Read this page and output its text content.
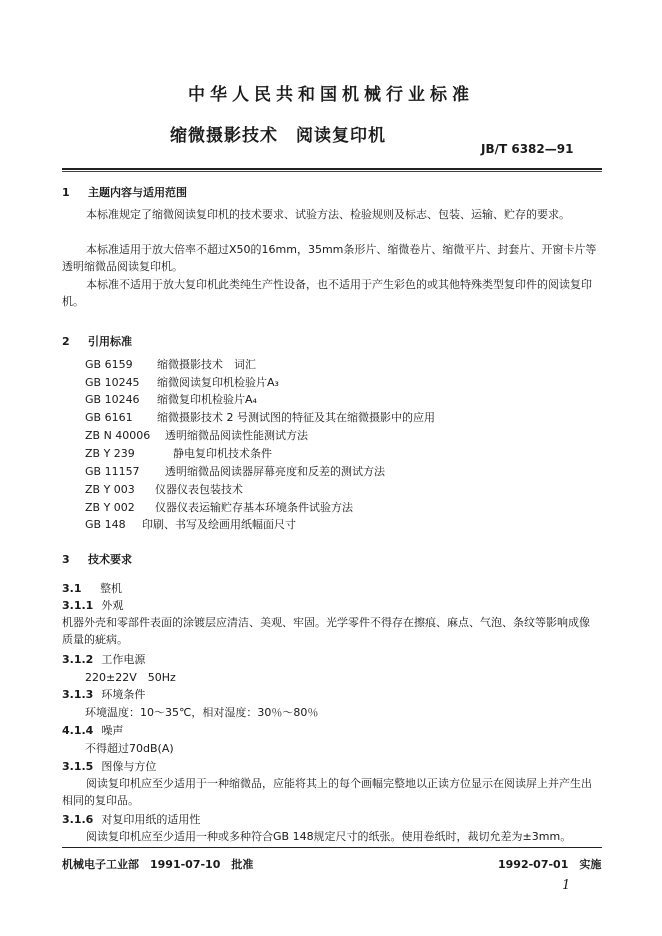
中华人民共和国机械行业标准
缩微摄影技术　阅读复印机
JB/T 6382—91
1 主题内容与适用范围
本标准规定了缩微阅读复印机的技术要求、试验方法、检验规则及标志、包装、运输、贮存的要求。
本标准适用于放大倍率不超过X50的16mm，35mm条形片、缩微卷片、缩微平片、封套片、开窗卡片等透明缩微品阅读复印机。
本标准不适用于放大复印机此类纯生产性设备，也不适用于产生彩色的或其他特殊类型复印件的阅读复印机。
2 引用标准
GB 6159 缩微摄影技术　词汇
GB 10245 缩微阅读复印机检验片A₃
GB 10246 缩微复印机检验片A₄
GB 6161 缩微摄影技术 2 号测试图的特征及其在缩微摄影中的应用
ZB N 40006 透明缩微品阅读性能测试方法
ZB Y 239	静电复印机技术条件
GB 11157 透明缩微品阅读器屏幕亮度和反差的测试方法
ZB Y 003 仪器仪表包装技术
ZB Y 002 仪器仪表运输贮存基本环境条件试验方法
GB 148 印刷、书写及绘画用纸幅面尺寸
3 技术要求
3.1 整机
3.1.1 外观
机器外壳和零部件表面的涂镀层应清洁、美观、牢固。光学零件不得存在擦痕、麻点、气泡、条纹等影响成像质量的疵病。
3.1.2 工作电源
220±22V　50Hz
3.1.3 环境条件
环境温度：10～35℃，相对湿度：30％～80％
4.1.4 噪声
不得超过70dB(A)
3.1.5 图像与方位
阅读复印机应至少适用于一种缩微品，应能将其上的每个画幅完整地以正读方位显示在阅读屏上并产生出相同的复印品。
3.1.6 对复印用纸的适用性
阅读复印机应至少适用一种或多种符合GB 148规定尺寸的纸张。使用卷纸时，裁切允差为±3mm。
机械电子工业部　1991-07-10　批准	1992-07-01　实施
1
